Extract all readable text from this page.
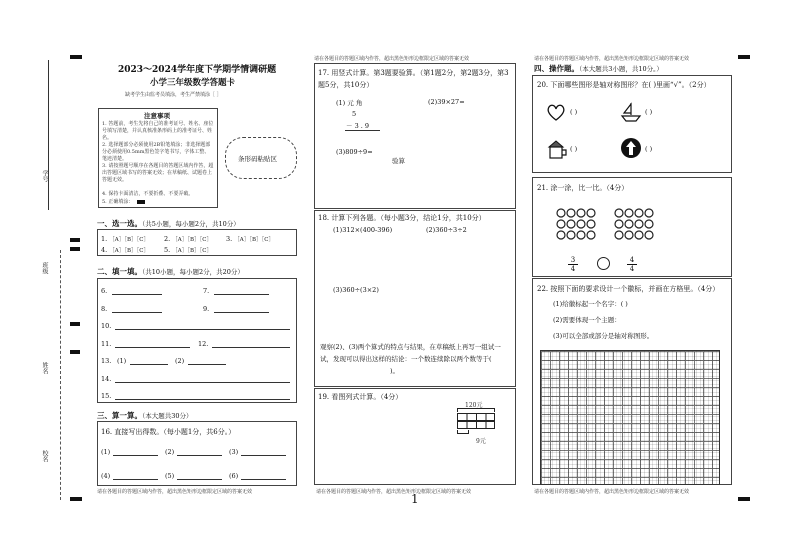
学号
班级
姓名
校名
2023～2024学年度下学期学情调研题
小学三年级数学答题卡
缺考学生由监考员填涂，考生严禁填涂［ ］
注意事项
1. 答题前，考生先将自己的准考证号、姓名、座位号填写清楚，并认真核准条形码上的准考证号、姓名。
2. 选择题部分必须使用2B铅笔填涂；非选择题部分必须使用0.5mm黑色签字笔书写，字体工整、笔迹清楚。
3. 请按照题号顺序在各题目的答题区域内作答，超出答题区域书写的答案无效；在草稿纸、试题卷上答题无效。
4. 保持卡面清洁，不要折叠、不要弄破。
5. 正确填涂：
条形码粘贴区
一、选一选。（共5小题，每小题2分，共10分）
1. ［A］［B］［C］ 2. ［A］［B］［C］ 3. ［A］［B］［C］
4. ［A］［B］［C］ 5. ［A］［B］［C］
二、填一填。（共10小题，每小题2分，共20分）
6.	7.
8.	9.
10.
11.	12.
13. (1)	(2)
14.
15.
三、算一算。（本大题共30分）
16. 直接写出得数。（每小题1分，共6分。）
(1)	(2)	(3)
(4)	(5)	(6)
请在各题目的答题区域内作答，超出黑色矩形边框限定区域的答案无效
请在各题目的答题区域内作答，超出黑色矩形边框限定区域的答案无效
17. 用竖式计算。第3题要验算。（第1题2分，第2题3分，第3题5分，共10分）
(1) 元 角
5
－ 3 . 9
(2)39×27=
(3)809÷9=
验算
18. 计算下列各题。（每小题3分，结论1分，共10分）
(1)312×(400-396)	(2)360÷3÷2
(3)360÷(3×2)
观察(2)、(3)两个算式的特点与结果，在草稿纸上再写一组试一试，发现可以得出这样的结论：一个数连续除以两个数等于()。
19. 看图列式计算。（4分）
120元
9元
请在各题目的答题区域内作答，超出黑色矩形边框限定区域的答案无效
1
请在各题目的答题区域内作答，超出黑色矩形边框限定区域的答案无效
四、操作题。（本大题共3小题，共10分。）
20. 下面哪些图形是轴对称图形？在( )里画“√”。（2分）
( )	( )
( )	( )
21. 涂一涂，比一比。（4分）
$\frac{3}{4}$	$\frac{4}{4}$
22. 按照下面的要求设计一个徽标，并画在方格里。（4分）
(1)给徽标起一个名字：( )
(2)需要体现一个主题：
(3)可以全部或部分是轴对称图形。
请在各题目的答题区域内作答，超出黑色矩形边框限定区域的答案无效
